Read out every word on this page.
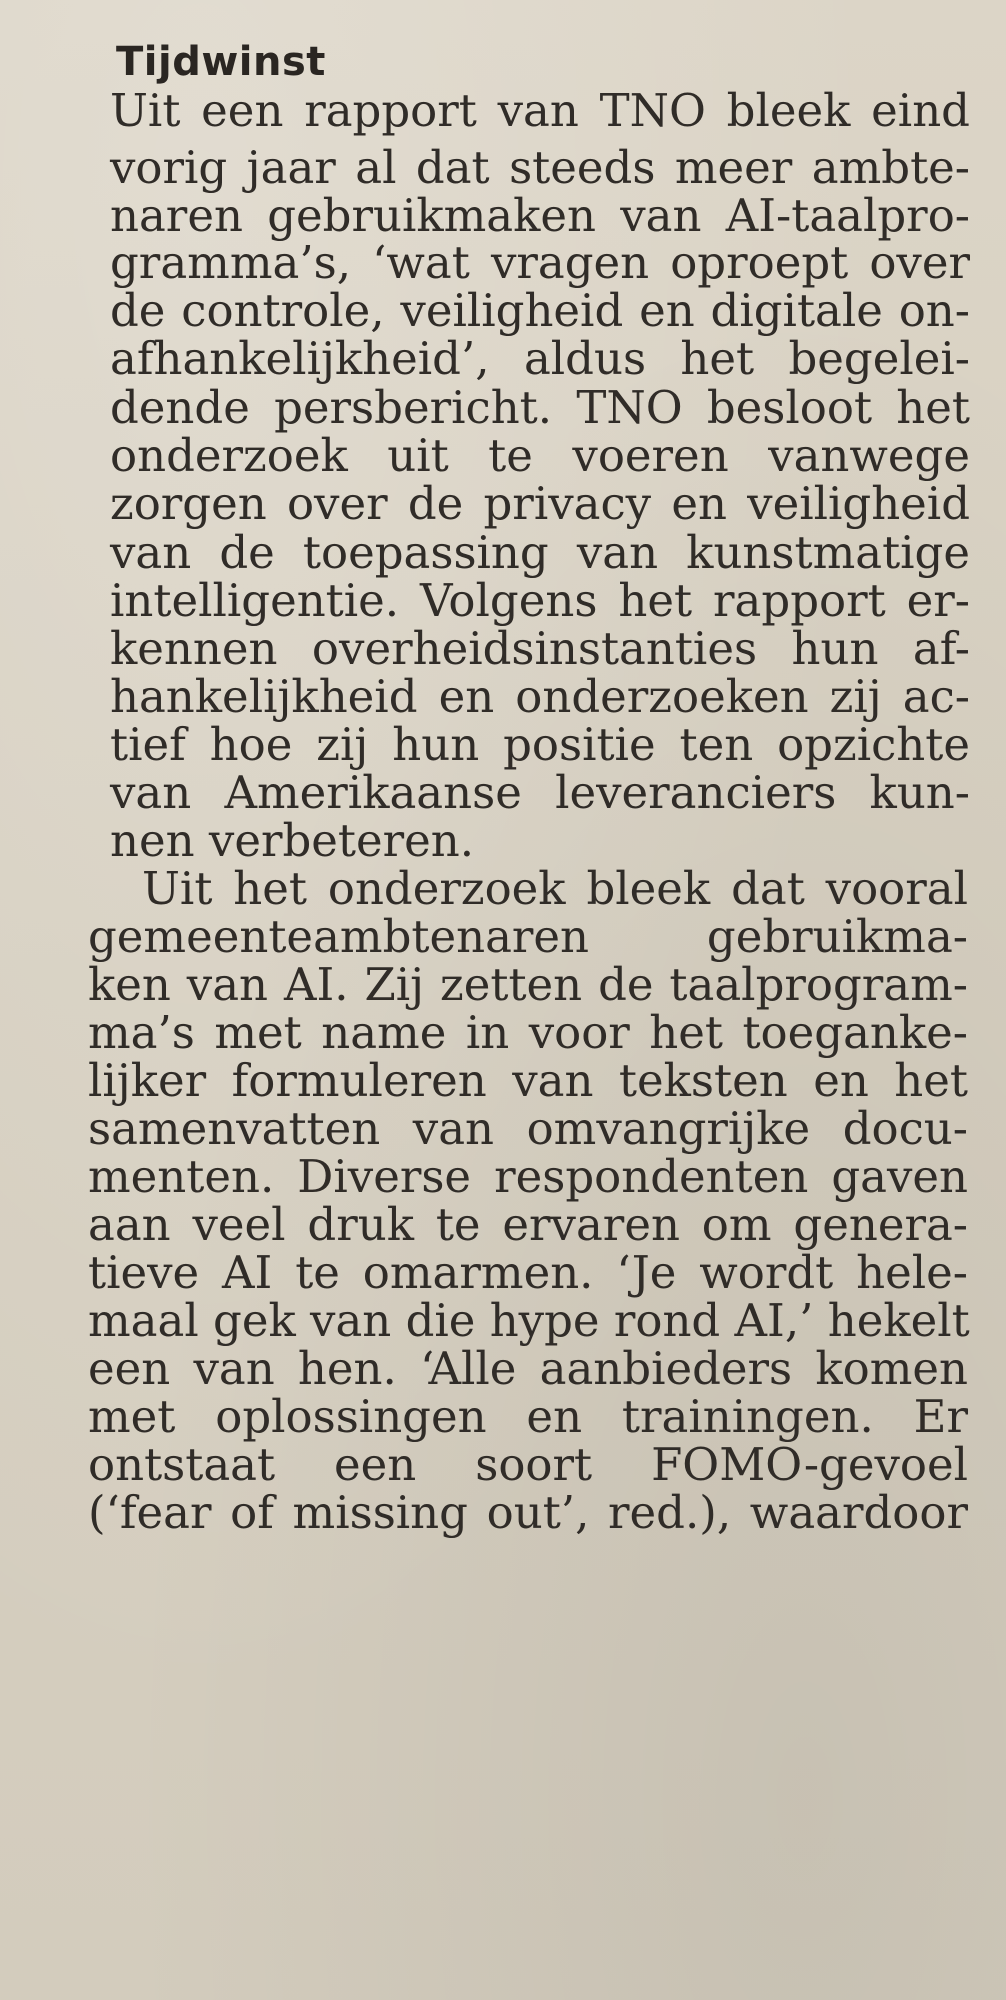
Tijdwinst
Uit een rapport van TNO bleek eind
vorig jaar al dat steeds meer ambte-
naren gebruikmaken van AI-taalpro-
gramma’s, ‘wat vragen oproept over
de controle, veiligheid en digitale on-
afhankelijkheid’, aldus het begelei-
dende persbericht. TNO besloot het
onderzoek uit te voeren vanwege
zorgen over de privacy en veiligheid
van de toepassing van kunstmatige
intelligentie. Volgens het rapport er-
kennen overheidsinstanties hun af-
hankelijkheid en onderzoeken zij ac-
tief hoe zij hun positie ten opzichte
van Amerikaanse leveranciers kun-
nen verbeteren.
Uit het onderzoek bleek dat vooral
gemeenteambtenaren gebruikma-
ken van AI. Zij zetten de taalprogram-
ma’s met name in voor het toeganke-
lijker formuleren van teksten en het
samenvatten van omvangrijke docu-
menten. Diverse respondenten gaven
aan veel druk te ervaren om genera-
tieve AI te omarmen. ‘Je wordt hele-
maal gek van die hype rond AI,’ hekelt
een van hen. ‘Alle aanbieders komen
met oplossingen en trainingen. Er
ontstaat een soort FOMO-gevoel
(‘fear of missing out’, red.), waardoor
